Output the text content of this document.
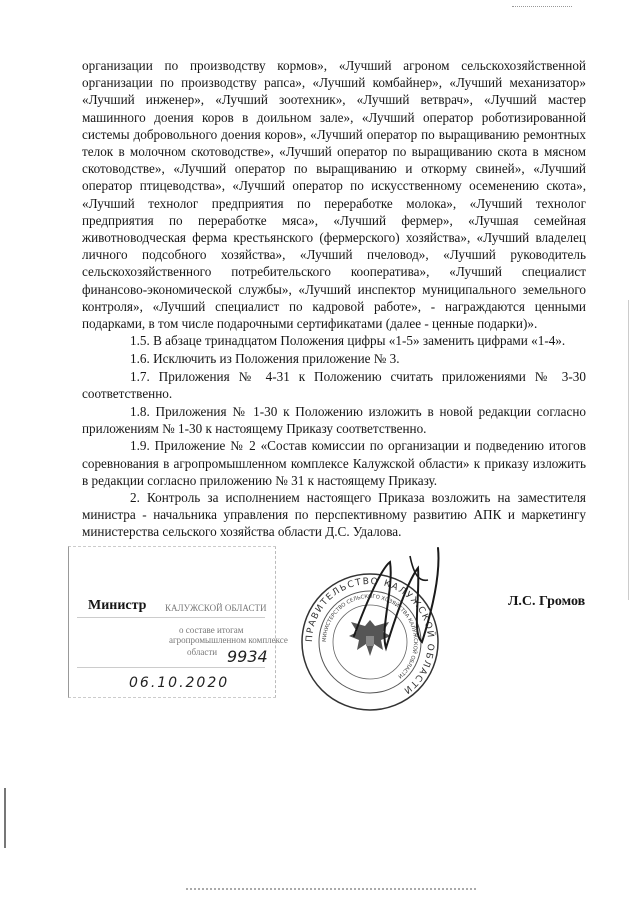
организации по производству кормов», «Лучший агроном сельскохозяйственной организации по производству рапса», «Лучший комбайнер», «Лучший механизатор» «Лучший инженер», «Лучший зоотехник», «Лучший ветврач», «Лучший мастер машинного доения коров в доильном зале», «Лучший оператор роботизированной системы добровольного доения коров», «Лучший оператор по выращиванию ремонтных телок в молочном скотоводстве», «Лучший оператор по выращиванию скота в мясном скотоводстве», «Лучший оператор по выращиванию и откорму свиней», «Лучший оператор птицеводства», «Лучший оператор по искусственному осеменению скота», «Лучший технолог предприятия по переработке молока», «Лучший технолог предприятия по переработке мяса», «Лучший фермер», «Лучшая семейная животноводческая ферма крестьянского (фермерского) хозяйства», «Лучший владелец личного подсобного хозяйства», «Лучший пчеловод», «Лучший руководитель сельскохозяйственного потребительского кооператива», «Лучший специалист финансово-экономической службы», «Лучший инспектор муниципального земельного контроля», «Лучший специалист по кадровой работе», - награждаются ценными подарками, в том числе подарочными сертификатами (далее - ценные подарки)».

1.5. В абзаце тринадцатом Положения цифры «1-5» заменить цифрами «1-4».

1.6. Исключить из Положения приложение № 3.

1.7. Приложения № 4-31 к Положению считать приложениями № 3-30 соответственно.

1.8. Приложения № 1-30 к Положению изложить в новой редакции согласно приложениям № 1-30 к настоящему Приказу соответственно.

1.9. Приложение № 2 «Состав комиссии по организации и подведению итогов соревнования в агропромышленном комплексе Калужской области» к приказу изложить в редакции согласно приложению № 31 к настоящему Приказу.

2. Контроль за исполнением настоящего Приказа возложить на заместителя министра - начальника управления по перспективному развитию АПК и маркетингу министерства сельского хозяйства области Д.С. Удалова.

КАЛУЖСКОЙ ОБЛАСТИ
о составе итогам
агропромышленном комплексе
области 9934
06.10.2020
Министр
ПРАВИТЕЛЬСТВО КАЛУЖСКОЙ ОБЛАСТИ
МИНИСТЕРСТВО СЕЛЬСКОГО ХОЗЯЙСТВА КАЛУЖСКОЙ ОБЛАСТИ
Л.С. Громов
